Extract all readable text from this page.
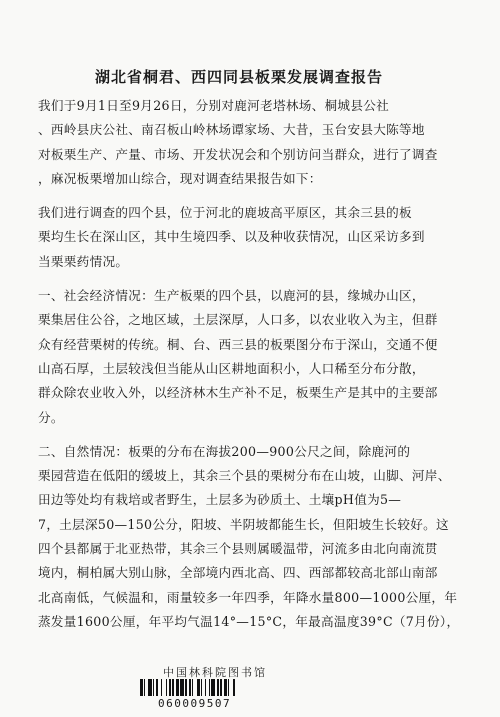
湖北省桐君、西四同县板栗发展调查报告
我们于9月1日至9月26日，分别对鹿河老塔林场、桐城县公社
、西岭县庆公社、南召板山岭林场谭家场、大昔，玉台安县大陈等地
对板栗生产、产量、市场、开发状况会和个别访问当群众，进行了调查
，麻况板栗增加山综合，现对调查结果报告如下：
我们进行调查的四个县，位于河北的鹿坡高平原区，其余三县的板
栗均生长在深山区，其中生境四季、以及种收获情况，山区采访多到
当栗栗药情况。
一、社会经济情况：生产板栗的四个县，以鹿河的县，缘城办山区，
栗集居住公谷，之地区域，土层深厚，人口多，以农业收入为主，但群
众有经营栗树的传统。桐、台、西三县的板栗图分布于深山，交通不便
山高石厚，土层较浅但当能从山区耕地面积小，人口稀至分布分散，
群众除农业收入外，以经济林木生产补不足，板栗生产是其中的主要部
分。
二、自然情况：板栗的分布在海拔200—900公尺之间，除鹿河的
栗园营造在低阳的缓坡上，其余三个县的栗树分布在山坡，山脚、河岸、
田边等处均有栽培或者野生，土层多为砂质土、土壤pH值为5—
7，土层深50—150公分，阳坡、半阴坡都能生长，但阳坡生长较好。这
四个县都属于北亚热带，其余三个县则属暖温带，河流多由北向南流贯
境内，桐柏属大别山脉，全部境内西北高、四、西部都较高北部山南部
北高南低，气候温和，雨量较多一年四季，年降水量800—1000公厘，年
蒸发量1600公厘，年平均气温14°—15°C，年最高温度39°C（7月份），
中国林科院图书馆
060009507
